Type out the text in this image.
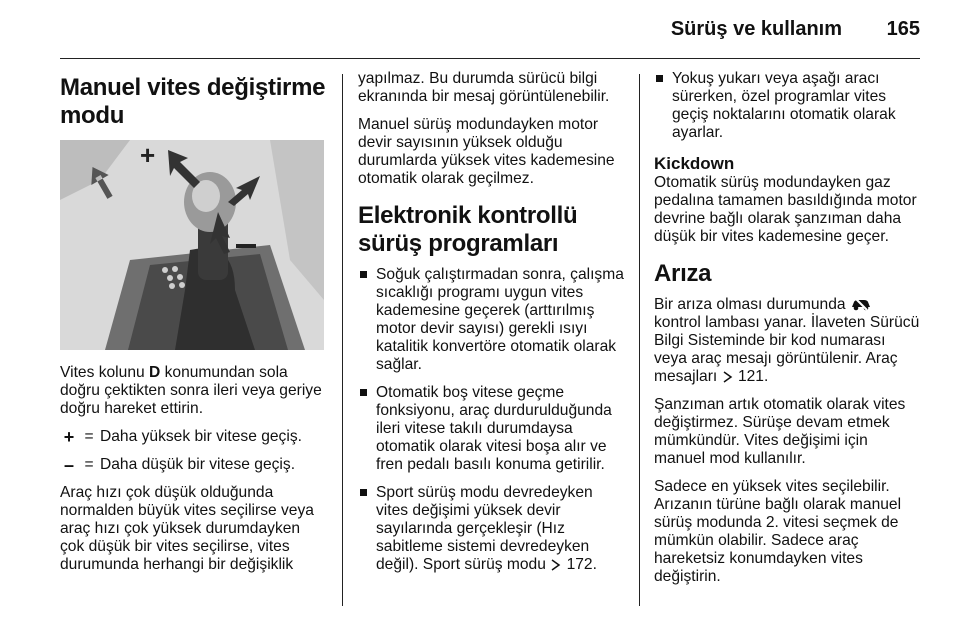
Sürüş ve kullanım 165
Manuel vites değiştirme modu
+

Vites kolunu D konumundan sola doğru çektikten sonra ileri veya geriye doğru hareket ettirin.

+ = Daha yüksek bir vitese geçiş.
– = Daha düşük bir vitese geçiş.

Araç hızı çok düşük olduğunda normalden büyük vites seçilirse veya araç hızı çok yüksek durumdayken çok düşük bir vites seçilirse, vites durumunda herhangi bir değişiklik

yapılmaz. Bu durumda sürücü bilgi ekranında bir mesaj görüntülenebilir.

Manuel sürüş modundayken motor devir sayısının yüksek olduğu durumlarda yüksek vites kademesine otomatik olarak geçilmez.

Elektronik kontrollü sürüş programları
Soğuk çalıştırmadan sonra, çalışma sıcaklığı programı uygun vites kademesine geçerek (arttırılmış motor devir sayısı) gerekli ısıyı katalitik konvertöre otomatik olarak sağlar.
Otomatik boş vitese geçme fonksiyonu, araç durdurulduğunda ileri vitese takılı durumdaysa otomatik olarak vitesi boşa alır ve fren pedalı basılı konuma getirilir.
Sport sürüş modu devredeyken vites değişimi yüksek devir sayılarında gerçekleşir (Hız sabitleme sistemi devredeyken değil). Sport sürüş modu 172.
Yokuş yukarı veya aşağı aracı sürerken, özel programlar vites geçiş noktalarını otomatik olarak ayarlar.
Kickdown

Otomatik sürüş modundayken gaz pedalına tamamen basıldığında motor devrine bağlı olarak şanzıman daha düşük bir vites kademesine geçer.

Arıza

Bir arıza olması durumunda  kontrol lambası yanar. İlaveten Sürücü Bilgi Sisteminde bir kod numarası veya araç mesajı görüntülenir. Araç mesajları 121.

Şanzıman artık otomatik olarak vites değiştirmez. Sürüşe devam etmek mümkündür. Vites değişimi için manuel mod kullanılır.

Sadece en yüksek vites seçilebilir. Arızanın türüne bağlı olarak manuel sürüş modunda 2. vitesi seçmek de mümkün olabilir. Sadece araç hareketsiz konumdayken vites değiştirin.
